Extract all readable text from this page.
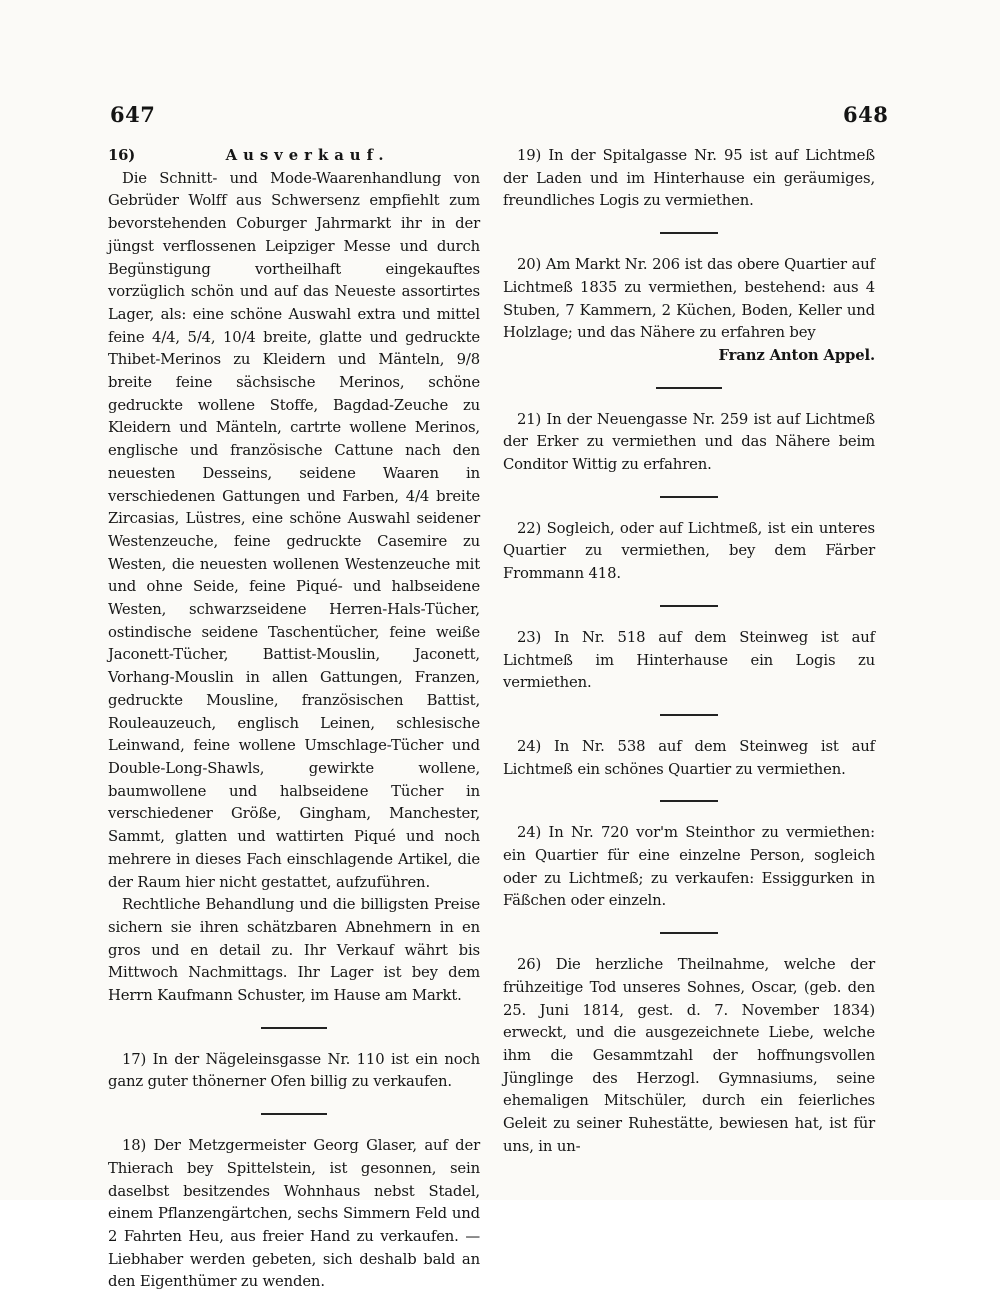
647	648
16)	Ausverkauf.

Die Schnitt- und Mode-Waarenhandlung von Gebrüder Wolff aus Schwersenz empfiehlt zum bevorstehenden Coburger Jahrmarkt ihr in der jüngst verflossenen Leipziger Messe und durch Begünstigung vortheilhaft eingekauftes vorzüglich schön und auf das Neueste assortirtes Lager, als: eine schöne Auswahl extra und mittel feine 4/4, 5/4, 10/4 breite, glatte und gedruckte Thibet-Merinos zu Kleidern und Mänteln, 9/8 breite feine sächsische Merinos, schöne gedruckte wollene Stoffe, Bagdad-Zeuche zu Kleidern und Mänteln, cartrte wollene Merinos, englische und französische Cattune nach den neuesten Desseins, seidene Waaren in verschiedenen Gattungen und Farben, 4/4 breite Zircasias, Lüstres, eine schöne Auswahl seidener Westenzeuche, feine gedruckte Casemire zu Westen, die neuesten wollenen Westenzeuche mit und ohne Seide, feine Piqué- und halbseidene Westen, schwarzseidene Herren-Hals-Tücher, ostindische seidene Taschentücher, feine weiße Jaconett-Tücher, Battist-Mouslin, Jaconett, Vorhang-Mouslin in allen Gattungen, Franzen, gedruckte Mousline, französischen Battist, Rouleauzeuch, englisch Leinen, schlesische Leinwand, feine wollene Umschlage-Tücher und Double-Long-Shawls, gewirkte wollene, baumwollene und halbseidene Tücher in verschiedener Größe, Gingham, Manchester, Sammt, glatten und wattirten Piqué und noch mehrere in dieses Fach einschlagende Artikel, die der Raum hier nicht gestattet, aufzuführen.

Rechtliche Behandlung und die billigsten Preise sichern sie ihren schätzbaren Abnehmern in en gros und en detail zu. Ihr Verkauf währt bis Mittwoch Nachmittags. Ihr Lager ist bey dem Herrn Kaufmann Schuster, im Hause am Markt.

17) In der Nägeleinsgasse Nr. 110 ist ein noch ganz guter thönerner Ofen billig zu verkaufen.

18) Der Metzgermeister Georg Glaser, auf der Thierach bey Spittelstein, ist gesonnen, sein daselbst besitzendes Wohnhaus nebst Stadel, einem Pflanzengärtchen, sechs Simmern Feld und 2 Fahrten Heu, aus freier Hand zu verkaufen. — Liebhaber werden gebeten, sich deshalb bald an den Eigenthümer zu wenden.

19) In der Spitalgasse Nr. 95 ist auf Lichtmeß der Laden und im Hinterhause ein geräumiges, freundliches Logis zu vermiethen.

20) Am Markt Nr. 206 ist das obere Quartier auf Lichtmeß 1835 zu vermiethen, bestehend: aus 4 Stuben, 7 Kammern, 2 Küchen, Boden, Keller und Holzlage; und das Nähere zu erfahren bey

Franz Anton Appel.

21) In der Neuengasse Nr. 259 ist auf Lichtmeß der Erker zu vermiethen und das Nähere beim Conditor Wittig zu erfahren.

22) Sogleich, oder auf Lichtmeß, ist ein unteres Quartier zu vermiethen, bey dem Färber Frommann 418.

23) In Nr. 518 auf dem Steinweg ist auf Lichtmeß im Hinterhause ein Logis zu vermiethen.

24) In Nr. 538 auf dem Steinweg ist auf Lichtmeß ein schönes Quartier zu vermiethen.

24) In Nr. 720 vor'm Steinthor zu vermiethen: ein Quartier für eine einzelne Person, sogleich oder zu Lichtmeß; zu verkaufen: Essiggurken in Fäßchen oder einzeln.

26) Die herzliche Theilnahme, welche der frühzeitige Tod unseres Sohnes, Oscar, (geb. den 25. Juni 1814, gest. d. 7. November 1834) erweckt, und die ausgezeichnete Liebe, welche ihm die Gesammtzahl der hoffnungsvollen Jünglinge des Herzogl. Gymnasiums, seine ehemaligen Mitschüler, durch ein feierliches Geleit zu seiner Ruhestätte, bewiesen hat, ist für uns, in un-
